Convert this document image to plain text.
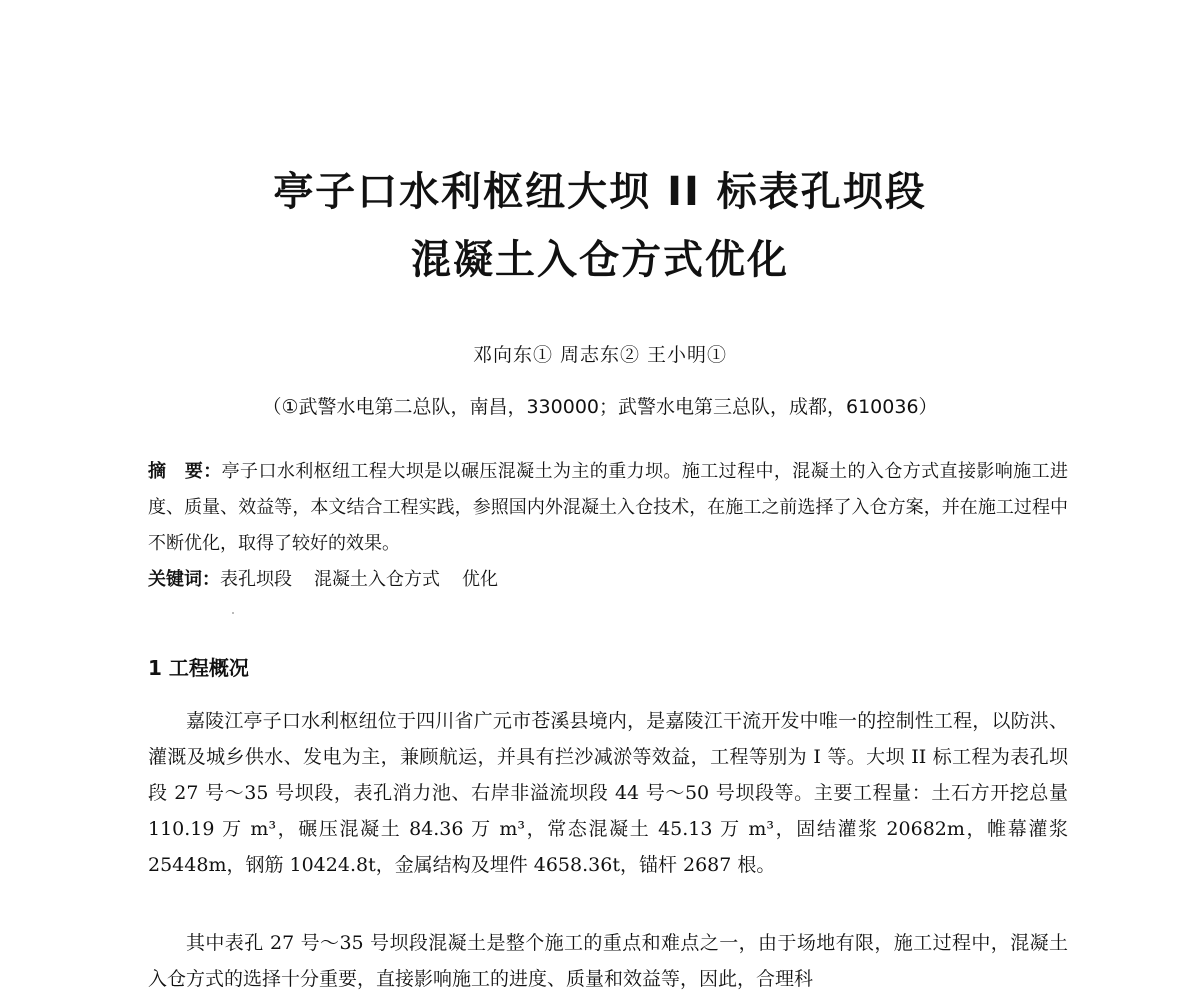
亭子口水利枢纽大坝 II 标表孔坝段
混凝土入仓方式优化
邓向东① 周志东② 王小明①
（①武警水电第二总队，南昌，330000；武警水电第三总队，成都，610036）
摘　要：亭子口水利枢纽工程大坝是以碾压混凝土为主的重力坝。施工过程中，混凝土的入仓方式直接影响施工进度、质量、效益等，本文结合工程实践，参照国内外混凝土入仓技术，在施工之前选择了入仓方案，并在施工过程中不断优化，取得了较好的效果。
关键词：表孔坝段 混凝土入仓方式 优化
1 工程概况

嘉陵江亭子口水利枢纽位于四川省广元市苍溪县境内，是嘉陵江干流开发中唯一的控制性工程，以防洪、灌溉及城乡供水、发电为主，兼顾航运，并具有拦沙减淤等效益，工程等别为 I 等。大坝 II 标工程为表孔坝段 27 号～35 号坝段，表孔消力池、右岸非溢流坝段 44 号～50 号坝段等。主要工程量：土石方开挖总量 110.19 万 m³，碾压混凝土 84.36 万 m³，常态混凝土 45.13 万 m³，固结灌浆 20682m，帷幕灌浆 25448m，钢筋 10424.8t，金属结构及埋件 4658.36t，锚杆 2687 根。

其中表孔 27 号～35 号坝段混凝土是整个施工的重点和难点之一，由于场地有限，施工过程中，混凝土入仓方式的选择十分重要，直接影响施工的进度、质量和效益等，因此，合理科
